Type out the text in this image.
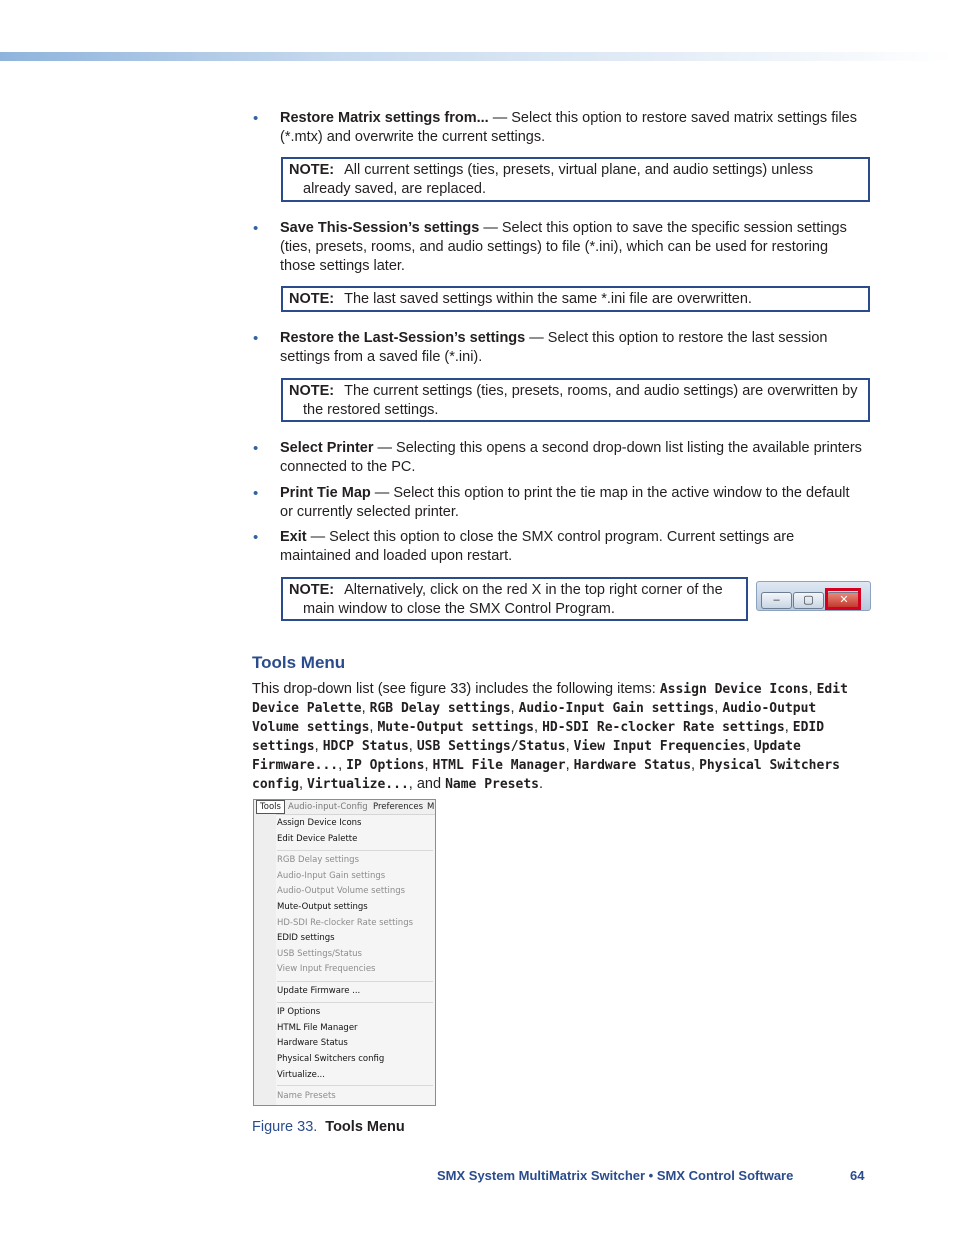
• Restore Matrix settings from... — Select this option to restore saved matrix settings files (*.mtx) and overwrite the current settings.
NOTE: All current settings (ties, presets, virtual plane, and audio settings) unless already saved, are replaced.
• Save This-Session’s settings — Select this option to save the specific session settings (ties, presets, rooms, and audio settings) to file (*.ini), which can be used for restoring those settings later.
NOTE: The last saved settings within the same *.ini file are overwritten.
• Restore the Last-Session’s settings — Select this option to restore the last session settings from a saved file (*.ini).
NOTE: The current settings (ties, presets, rooms, and audio settings) are overwritten by the restored settings.
• Select Printer — Selecting this opens a second drop-down list listing the available printers connected to the PC.
• Print Tie Map — Select this option to print the tie map in the active window to the default or currently selected printer.
• Exit — Select this option to close the SMX control program. Current settings are maintained and loaded upon restart.
NOTE: Alternatively, click on the red X in the top right corner of the main window to close the SMX Control Program.
–	▢	✕
Tools Menu
This drop-down list (see figure 33) includes the following items: Assign Device Icons, Edit Device Palette, RGB Delay settings, Audio-Input Gain settings, Audio-Output Volume settings, Mute-Output settings, HD-SDI Re-clocker Rate settings, EDID settings, HDCP Status, USB Settings/Status, View Input Frequencies, Update Firmware..., IP Options, HTML File Manager, Hardware Status, Physical Switchers config, Virtualize..., and Name Presets.
Tools Audio-input-Config Preferences M
Assign Device Icons
Edit Device Palette
RGB Delay settings
Audio-Input Gain settings
Audio-Output Volume settings
Mute-Output settings
HD-SDI Re-clocker Rate settings
EDID settings
USB Settings/Status
View Input Frequencies
Update Firmware ...
IP Options
HTML File Manager
Hardware Status
Physical Switchers config
Virtualize...
Name Presets
Figure 33. Tools Menu
SMX System MultiMatrix Switcher • SMX Control Software	64
